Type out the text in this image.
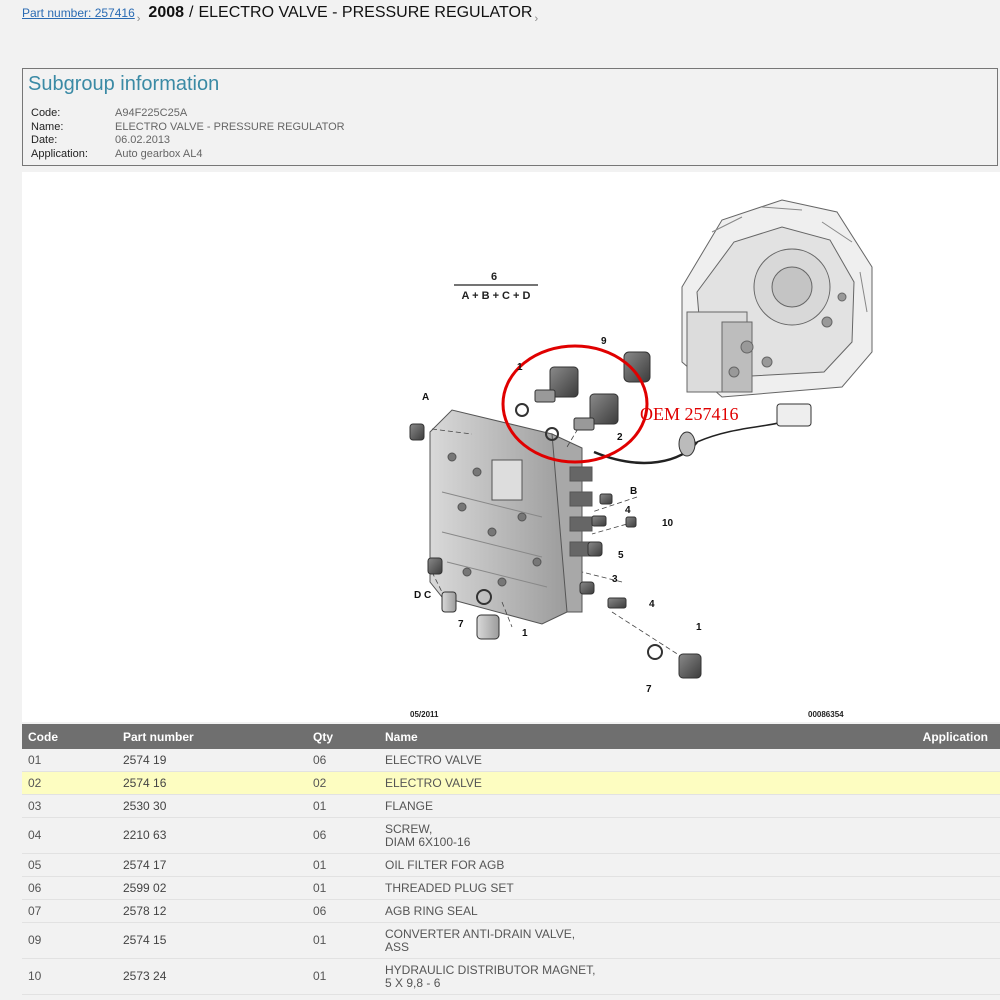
Part number: 257416 › 2008 / ELECTRO VALVE - PRESSURE REGULATOR ›
Subgroup information
Code:	A94F225C25A
Name:	ELECTRO VALVE - PRESSURE REGULATOR
Date:	06.02.2013
Application:	Auto gearbox AL4
6
A + B + C + D
OEM 257416
A
B
C
D
1
1
1
2
3
4
4
5
7
7
9
10
05/2011	00086354
Code	Part number	Qty	Name	Application
01	2574 19	06	ELECTRO VALVE	
02	2574 16	02	ELECTRO VALVE	
03	2530 30	01	FLANGE	
04	2210 63	06	SCREW,
DIAM 6X100-16	
05	2574 17	01	OIL FILTER FOR AGB	
06	2599 02	01	THREADED PLUG SET	
07	2578 12	06	AGB RING SEAL	
09	2574 15	01	CONVERTER ANTI-DRAIN VALVE,
ASS	
10	2573 24	01	HYDRAULIC DISTRIBUTOR MAGNET,
5 X 9,8 - 6	
